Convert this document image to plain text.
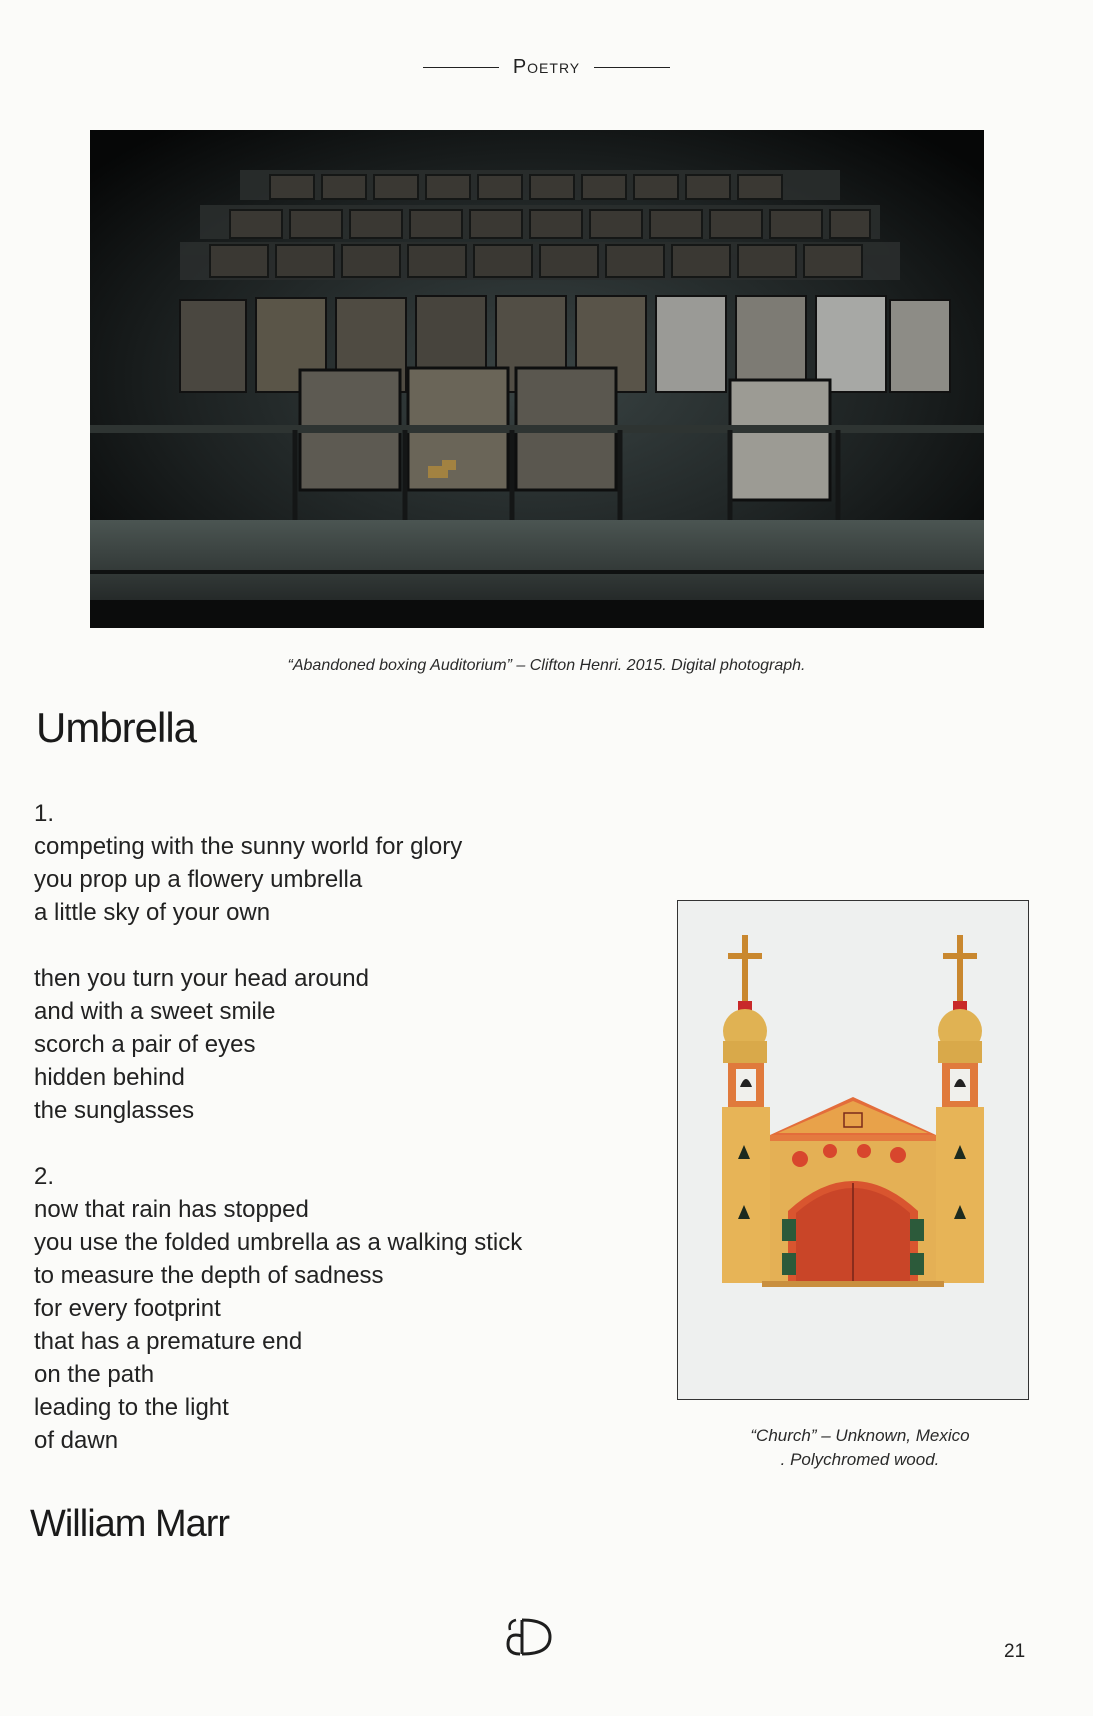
Poetry
“Abandoned boxing Auditorium” – Clifton Henri. 2015. Digital photograph.
Umbrella
1.
competing with the sunny world for glory
you prop up a flowery umbrella
a little sky of your own
then you turn your head around
and with a sweet smile
scorch a pair of eyes
hidden behind
the sunglasses
2.
now that rain has stopped
you use the folded umbrella as a walking stick
to measure the depth of sadness
for every footprint
that has a premature end
on the path
leading to the light
of dawn
William Marr
“Church” – Unknown, Mexico
. Polychromed wood.
21
